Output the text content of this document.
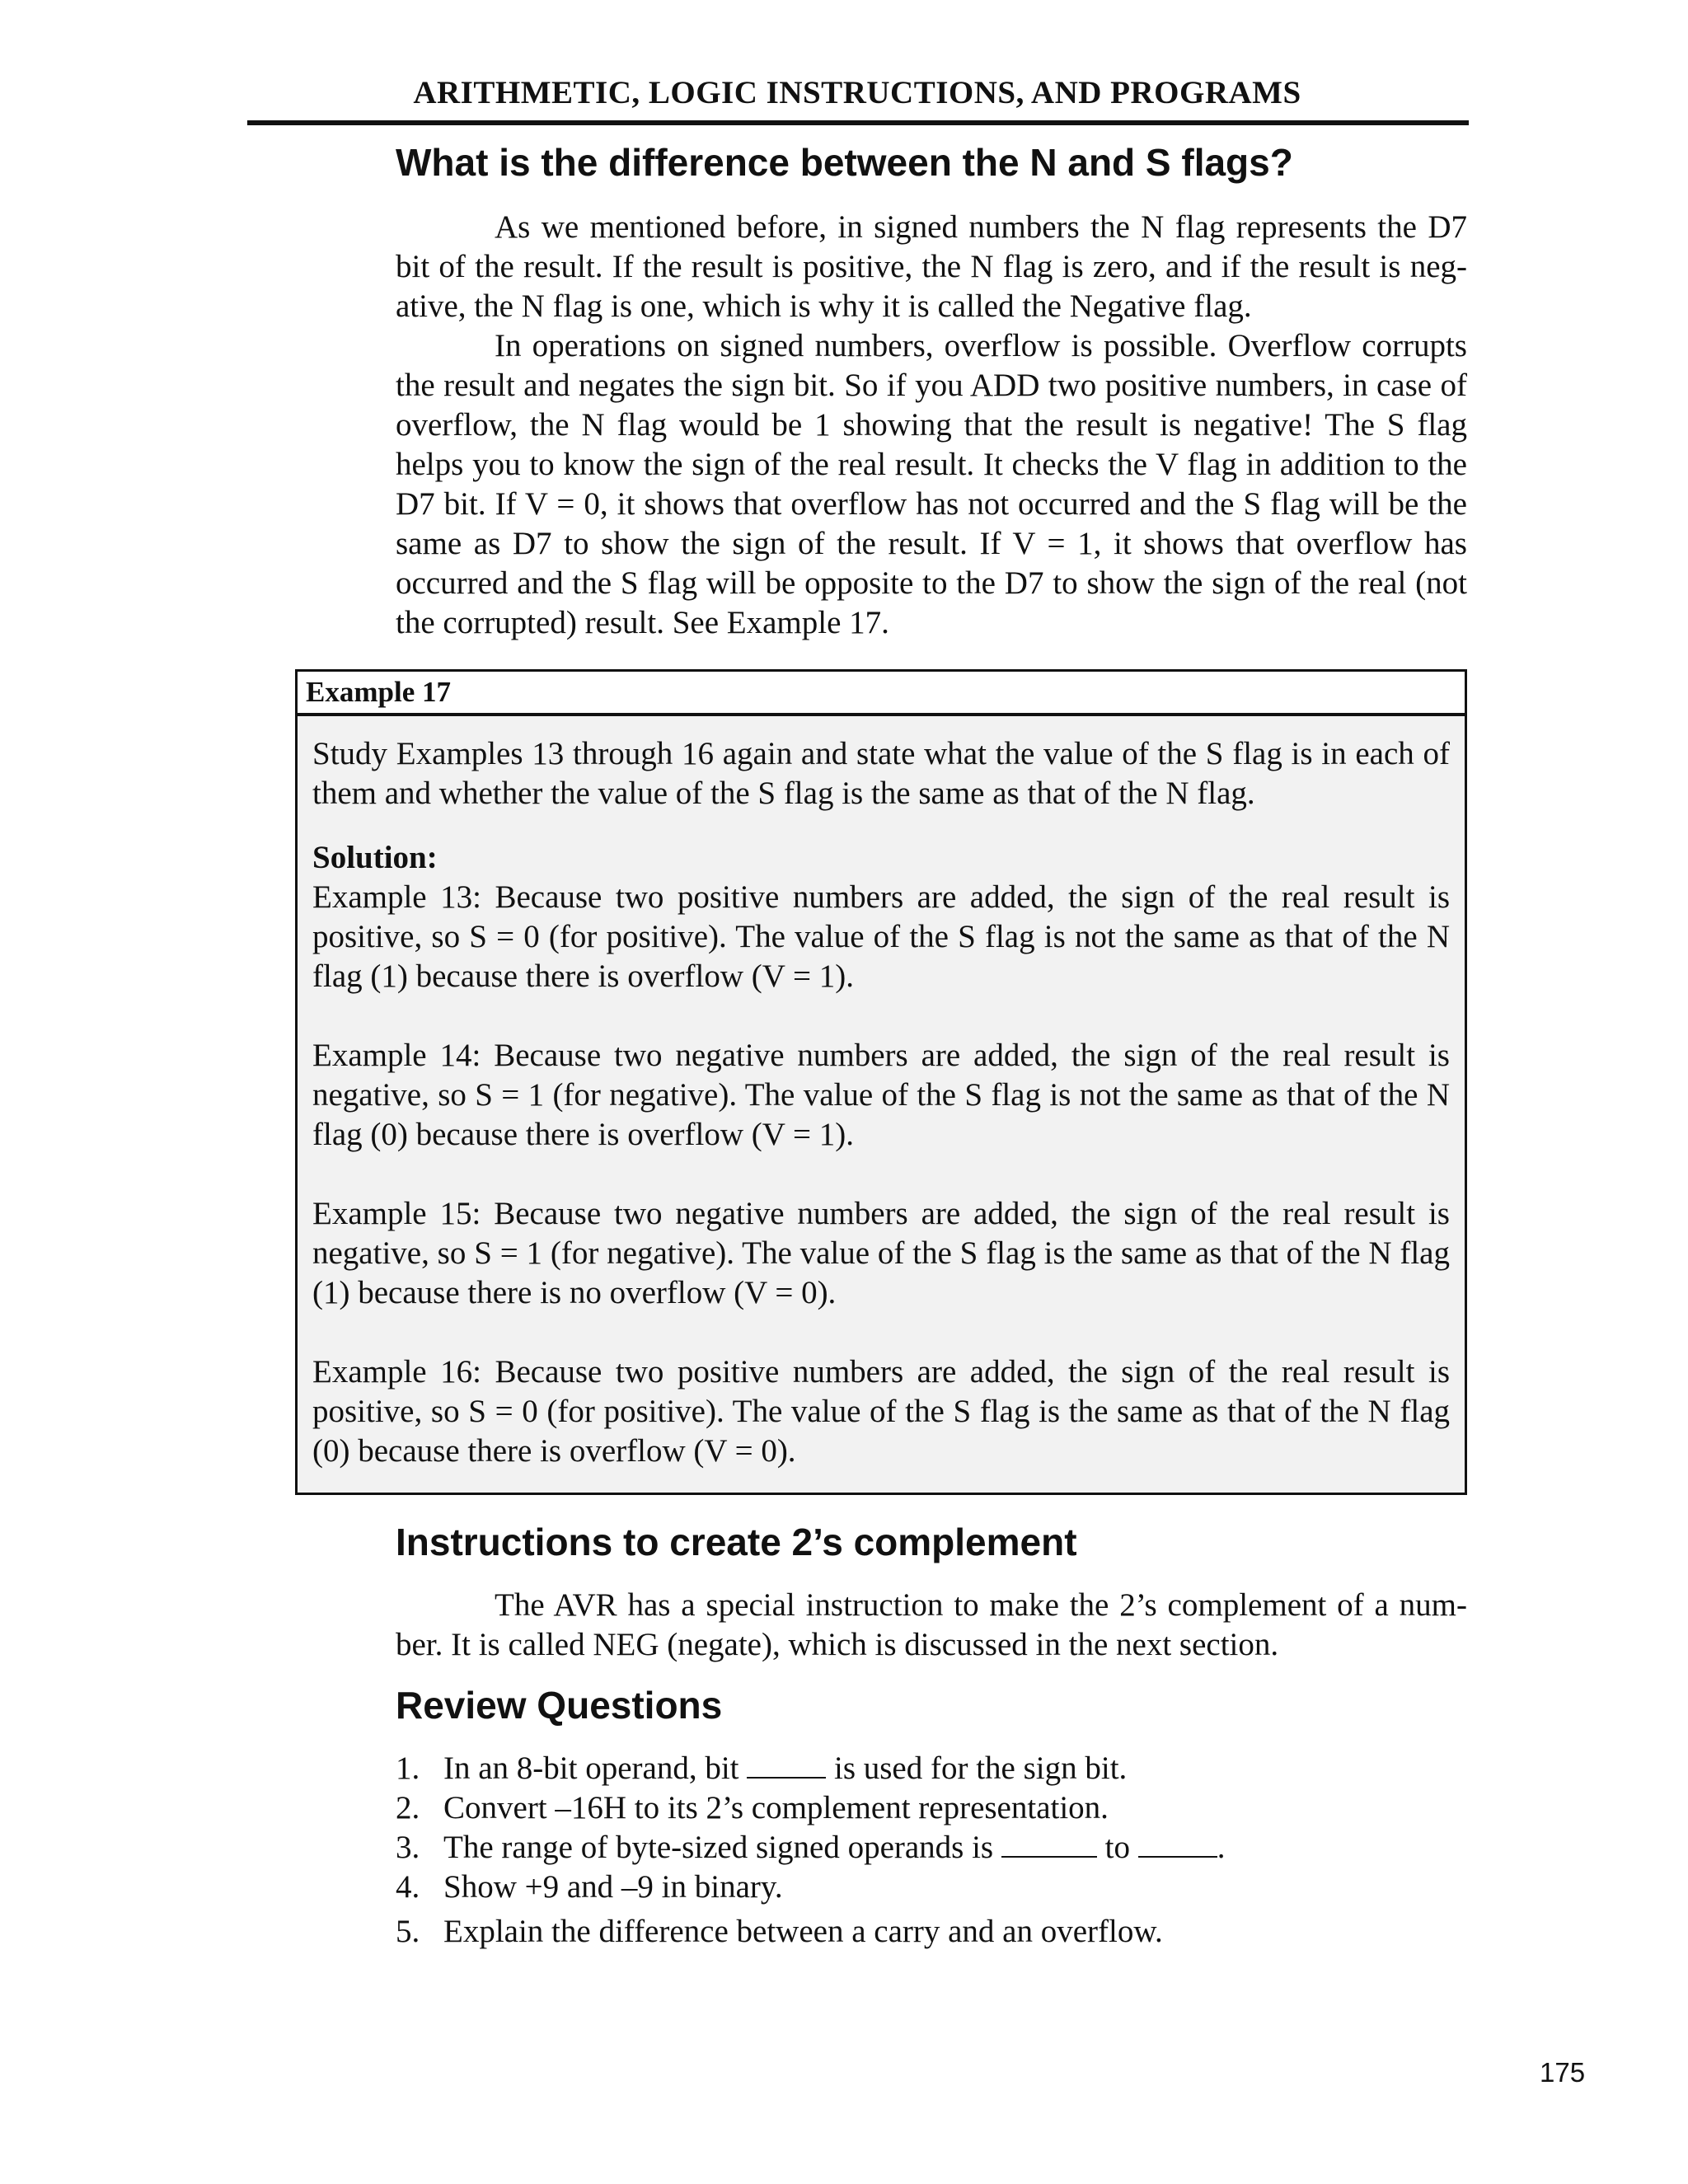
ARITHMETIC, LOGIC INSTRUCTIONS, AND PROGRAMS
What is the difference between the N and S flags?

As we mentioned before, in signed numbers the N flag represents the D7 bit of the result. If the result is positive, the N flag is zero, and if the result is negative, the N flag is one, which is why it is called the Negative flag.

In operations on signed numbers, overflow is possible. Overflow corrupts the result and negates the sign bit. So if you ADD two positive numbers, in case of overflow, the N flag would be 1 showing that the result is negative! The S flag helps you to know the sign of the real result. It checks the V flag in addition to the D7 bit. If V = 0, it shows that overflow has not occurred and the S flag will be the same as D7 to show the sign of the result. If V = 1, it shows that overflow has occurred and the S flag will be opposite to the D7 to show the sign of the real (not the corrupted) result. See Example 17.

Example 17

Study Examples 13 through 16 again and state what the value of the S flag is in each of them and whether the value of the S flag is the same as that of the N flag.

Solution:

Example 13: Because two positive numbers are added, the sign of the real result is positive, so S = 0 (for positive). The value of the S flag is not the same as that of the N flag (1) because there is overflow (V = 1).

Example 14: Because two negative numbers are added, the sign of the real result is negative, so S = 1 (for negative). The value of the S flag is not the same as that of the N flag (0) because there is overflow (V = 1).

Example 15: Because two negative numbers are added, the sign of the real result is negative, so S = 1 (for negative). The value of the S flag is the same as that of the N flag (1) because there is no overflow (V = 0).

Example 16: Because two positive numbers are added, the sign of the real result is positive, so S = 0 (for positive). The value of the S flag is the same as that of the N flag (0) because there is overflow (V = 0).

Instructions to create 2’s complement

The AVR has a special instruction to make the 2’s complement of a number. It is called NEG (negate), which is discussed in the next section.

Review Questions
1. In an 8-bit operand, bit  is used for the sign bit.
2. Convert –16H to its 2’s complement representation.
3. The range of byte-sized signed operands is	to .
4. Show +9 and –9 in binary.
5. Explain the difference between a carry and an overflow.
175
